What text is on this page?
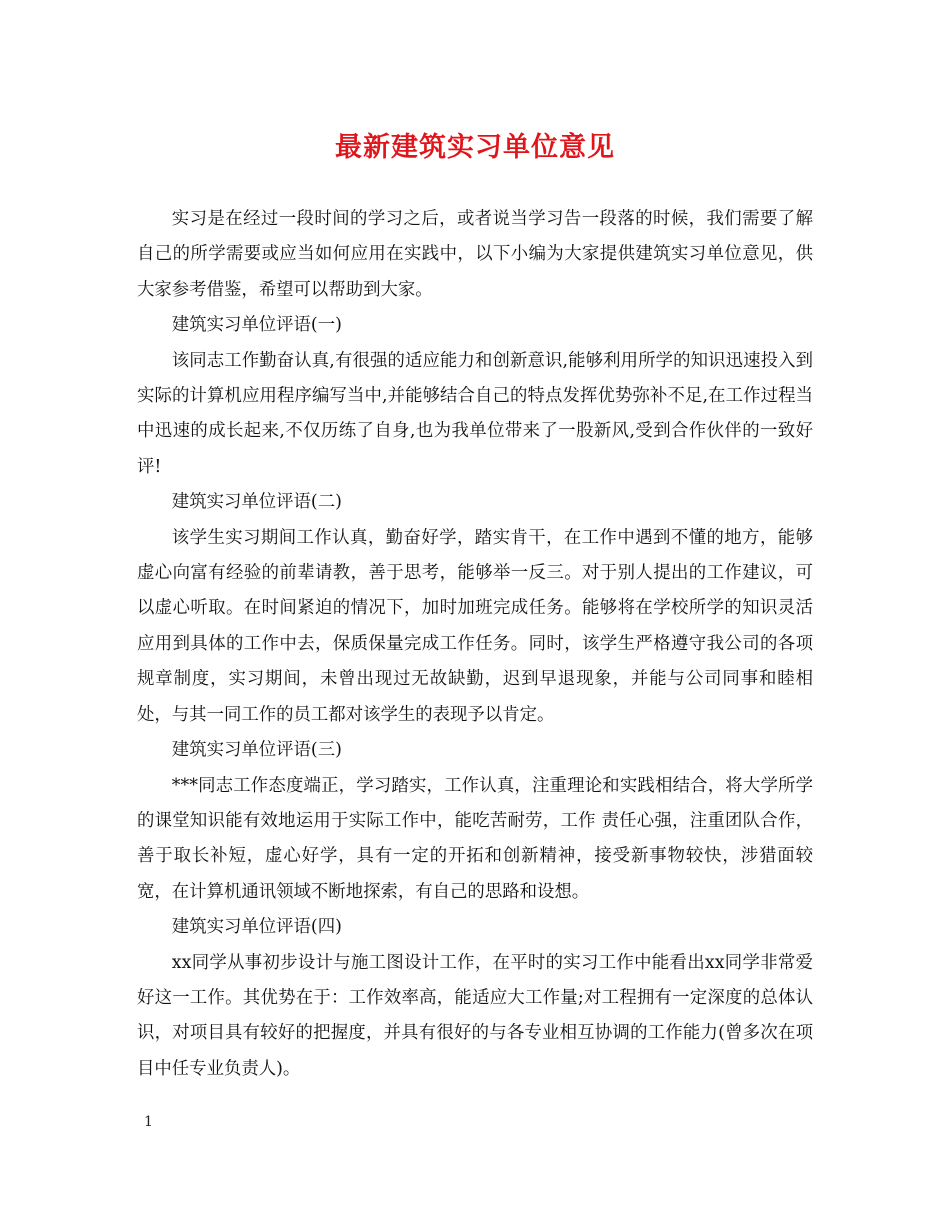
最新建筑实习单位意见

实习是在经过一段时间的学习之后，或者说当学习告一段落的时候，我们需要了解自己的所学需要或应当如何应用在实践中，以下小编为大家提供建筑实习单位意见，供大家参考借鉴，希望可以帮助到大家。

建筑实习单位评语(一)

该同志工作勤奋认真,有很强的适应能力和创新意识,能够利用所学的知识迅速投入到实际的计算机应用程序编写当中,并能够结合自己的特点发挥优势弥补不足,在工作过程当中迅速的成长起来,不仅历练了自身,也为我单位带来了一股新风,受到合作伙伴的一致好评!

建筑实习单位评语(二)

该学生实习期间工作认真，勤奋好学，踏实肯干，在工作中遇到不懂的地方，能够虚心向富有经验的前辈请教，善于思考，能够举一反三。对于别人提出的工作建议，可以虚心听取。在时间紧迫的情况下，加时加班完成任务。能够将在学校所学的知识灵活应用到具体的工作中去，保质保量完成工作任务。同时，该学生严格遵守我公司的各项规章制度，实习期间，未曾出现过无故缺勤，迟到早退现象，并能与公司同事和睦相处，与其一同工作的员工都对该学生的表现予以肯定。

建筑实习单位评语(三)

***同志工作态度端正，学习踏实，工作认真，注重理论和实践相结合，将大学所学的课堂知识能有效地运用于实际工作中，能吃苦耐劳，工作 责任心强，注重团队合作，善于取长补短，虚心好学，具有一定的开拓和创新精神，接受新事物较快，涉猎面较宽，在计算机通讯领域不断地探索，有自己的思路和设想。

建筑实习单位评语(四)

xx同学从事初步设计与施工图设计工作，在平时的实习工作中能看出xx同学非常爱好这一工作。其优势在于：工作效率高，能适应大工作量;对工程拥有一定深度的总体认识，对项目具有较好的把握度，并具有很好的与各专业相互协调的工作能力(曾多次在项目中任专业负责人)。

1
